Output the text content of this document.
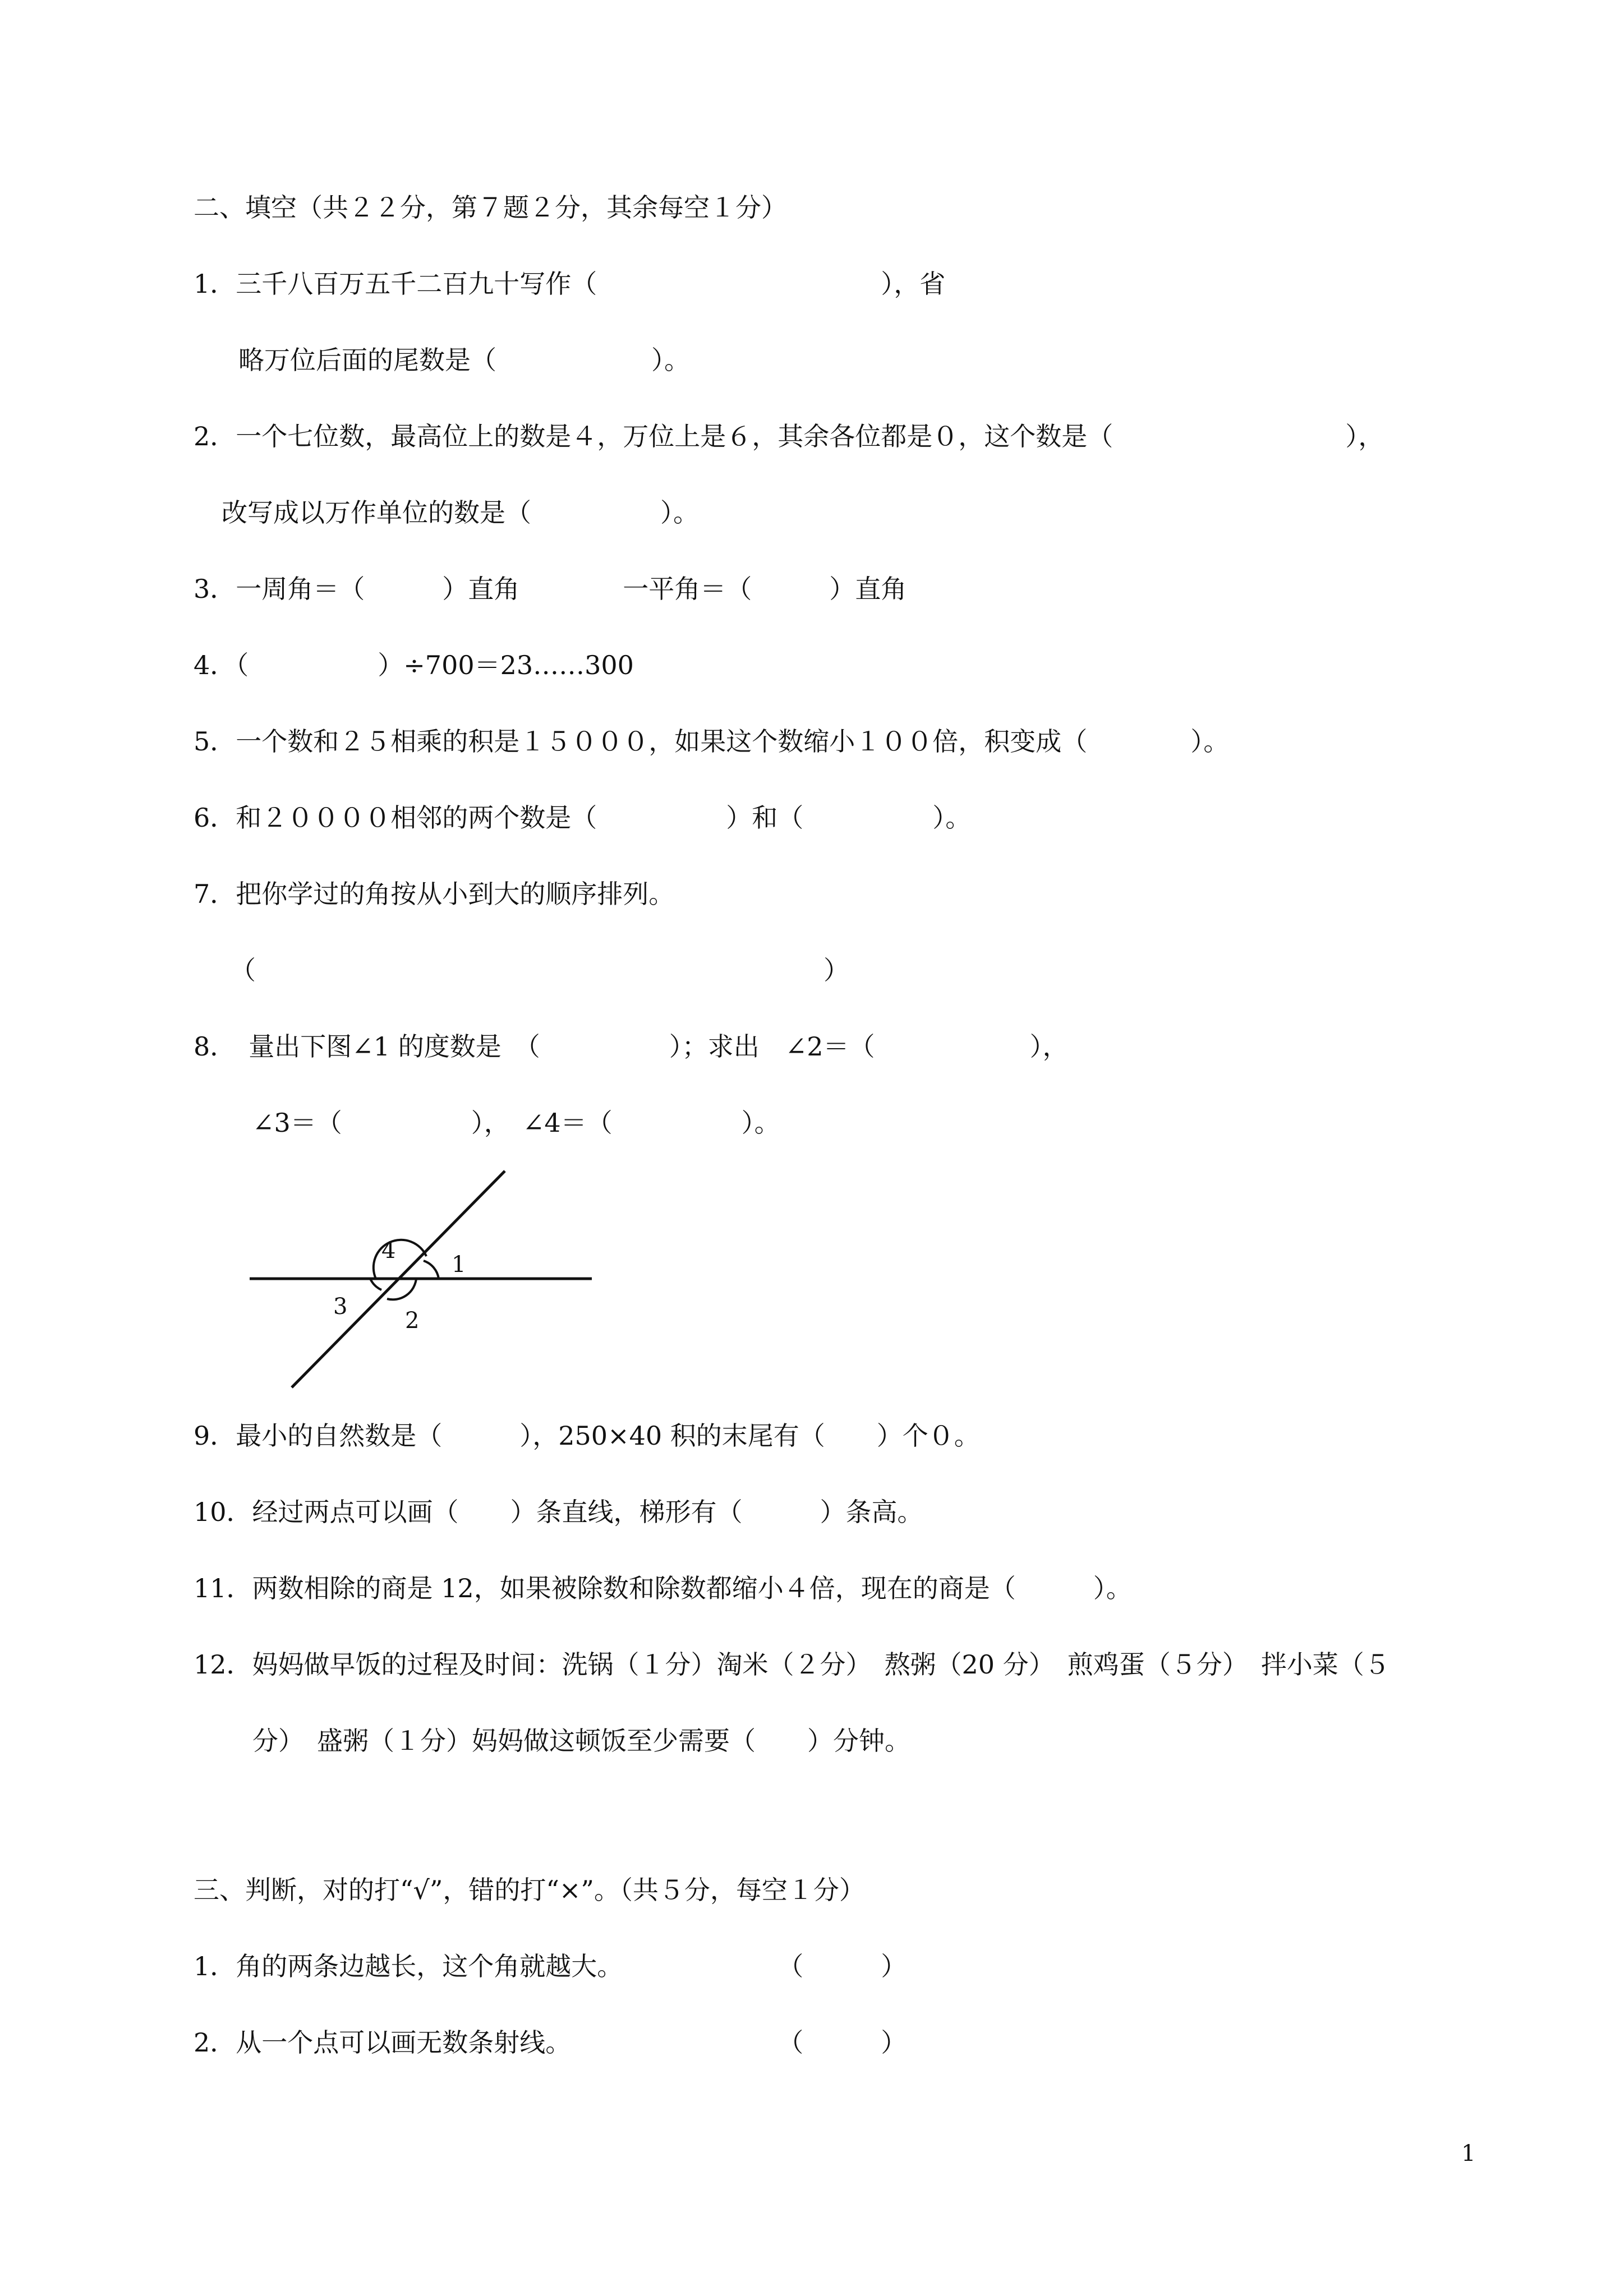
二、填空（共２２分，第７题２分，其余每空１分）
1．三千八百万五千二百九十写作（　　　　　　　　　　　），省
略万位后面的尾数是（　　　　　　）。
2．一个七位数，最高位上的数是４，万位上是６，其余各位都是０，这个数是（　　　　　　　　　），
改写成以万作单位的数是（　　　　　）。
3．一周角＝（　　　）直角　　　　一平角＝（　　　）直角
4．（　　　　　）÷700＝23……300
5．一个数和２５相乘的积是１５０００，如果这个数缩小１００倍，积变成（　　　　）。
6．和２００００相邻的两个数是（　　　　　）和（　　　　　）。
7．把你学过的角按从小到大的顺序排列。
（　　　　　　　　　　　　　　　　　　　　　　）
8．　量出下图∠1 的度数是　（　　　　　）；求出　∠2＝（　　　　　　），
∠3＝（　　　　　），　∠4＝（　　　　　）。
4
1
3
2
9．最小的自然数是（　　　），250×40 积的末尾有（　　）个０。
10．经过两点可以画（　　）条直线，梯形有（　　　）条高。
11．两数相除的商是 12，如果被除数和除数都缩小４倍，现在的商是（　　　）。
12．妈妈做早饭的过程及时间：洗锅（１分）淘米（２分）　熬粥（20 分）　煎鸡蛋（５分）　拌小菜（５
分）　盛粥（１分）妈妈做这顿饭至少需要（　　）分钟。
三、判断，对的打“√”，错的打“×”。（共５分，每空１分）
1．角的两条边越长，这个角就越大。　　　　　　　（　　　）
2．从一个点可以画无数条射线。　　　　　　　　　（　　　）
1
